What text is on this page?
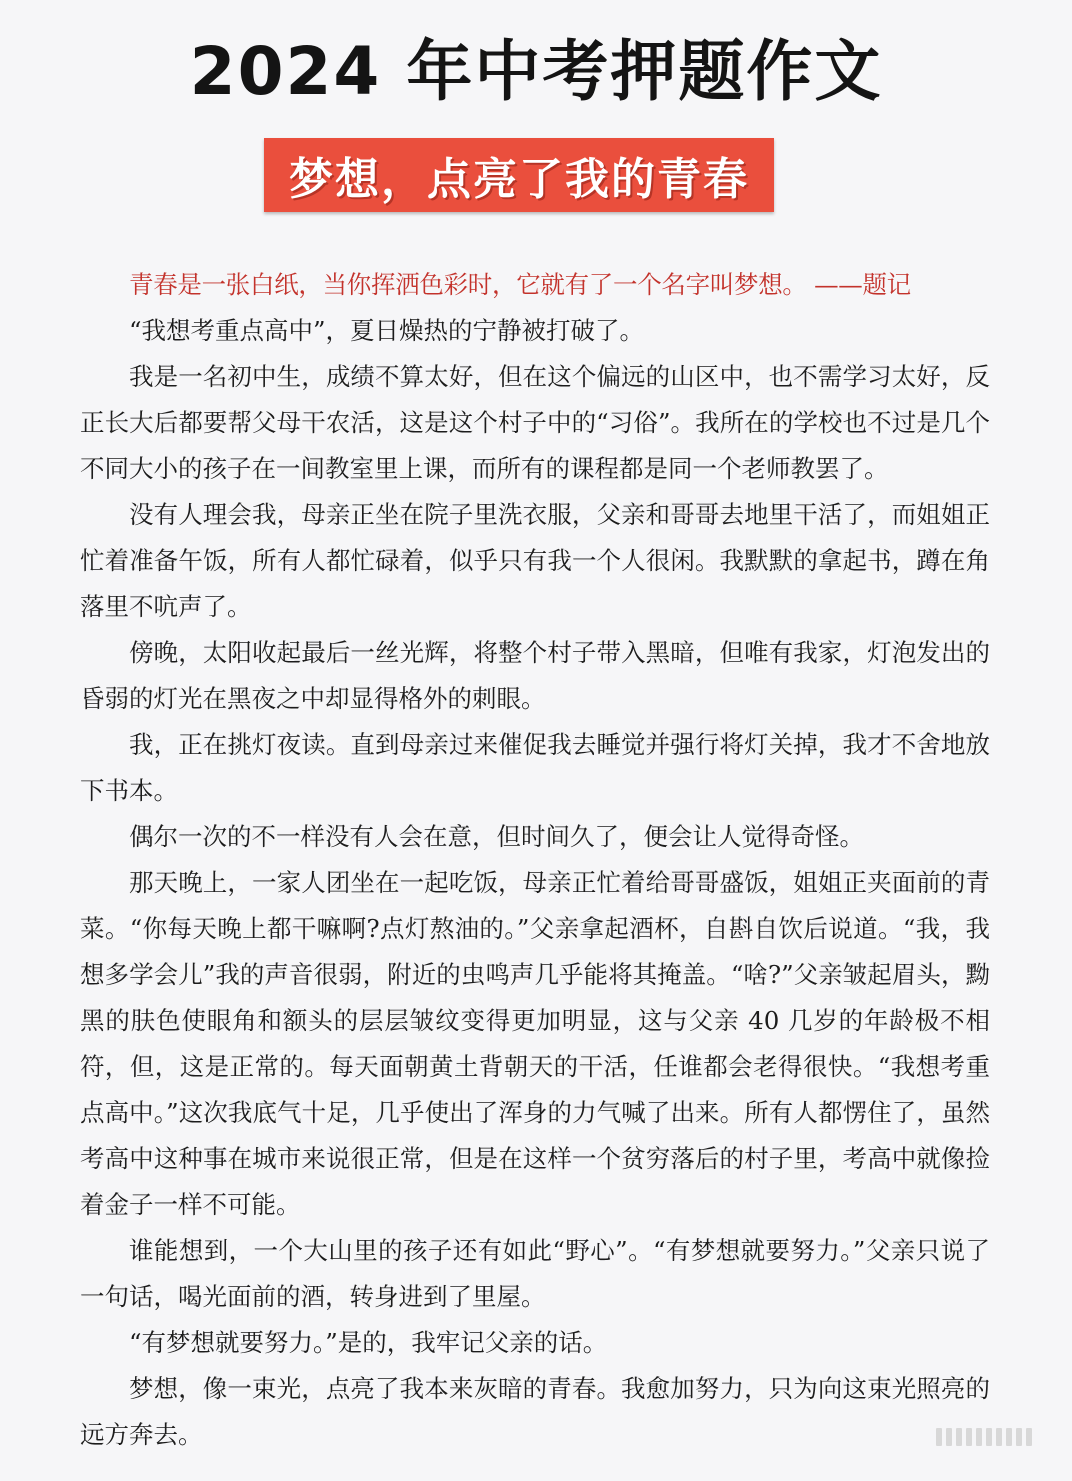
2024 年中考押题作文
梦想，点亮了我的青春

青春是一张白纸，当你挥洒色彩时，它就有了一个名字叫梦想。 ——题记

“我想考重点高中”，夏日燥热的宁静被打破了。

我是一名初中生，成绩不算太好，但在这个偏远的山区中，也不需学习太好，反正长大后都要帮父母干农活，这是这个村子中的“习俗”。我所在的学校也不过是几个不同大小的孩子在一间教室里上课，而所有的课程都是同一个老师教罢了。

没有人理会我，母亲正坐在院子里洗衣服，父亲和哥哥去地里干活了，而姐姐正忙着准备午饭，所有人都忙碌着，似乎只有我一个人很闲。我默默的拿起书，蹲在角落里不吭声了。

傍晚，太阳收起最后一丝光辉，将整个村子带入黑暗，但唯有我家，灯泡发出的昏弱的灯光在黑夜之中却显得格外的刺眼。

我，正在挑灯夜读。直到母亲过来催促我去睡觉并强行将灯关掉，我才不舍地放下书本。

偶尔一次的不一样没有人会在意，但时间久了，便会让人觉得奇怪。

那天晚上，一家人团坐在一起吃饭，母亲正忙着给哥哥盛饭，姐姐正夹面前的青菜。“你每天晚上都干嘛啊?点灯熬油的。”父亲拿起酒杯，自斟自饮后说道。“我，我想多学会儿”我的声音很弱，附近的虫鸣声几乎能将其掩盖。“啥?”父亲皱起眉头，黝黑的肤色使眼角和额头的层层皱纹变得更加明显，这与父亲 40 几岁的年龄极不相符，但，这是正常的。每天面朝黄土背朝天的干活，任谁都会老得很快。“我想考重点高中。”这次我底气十足，几乎使出了浑身的力气喊了出来。所有人都愣住了，虽然考高中这种事在城市来说很正常，但是在这样一个贫穷落后的村子里，考高中就像捡着金子一样不可能。

谁能想到，一个大山里的孩子还有如此“野心”。“有梦想就要努力。”父亲只说了一句话，喝光面前的酒，转身进到了里屋。

“有梦想就要努力。”是的，我牢记父亲的话。

梦想，像一束光，点亮了我本来灰暗的青春。我愈加努力，只为向这束光照亮的远方奔去。
